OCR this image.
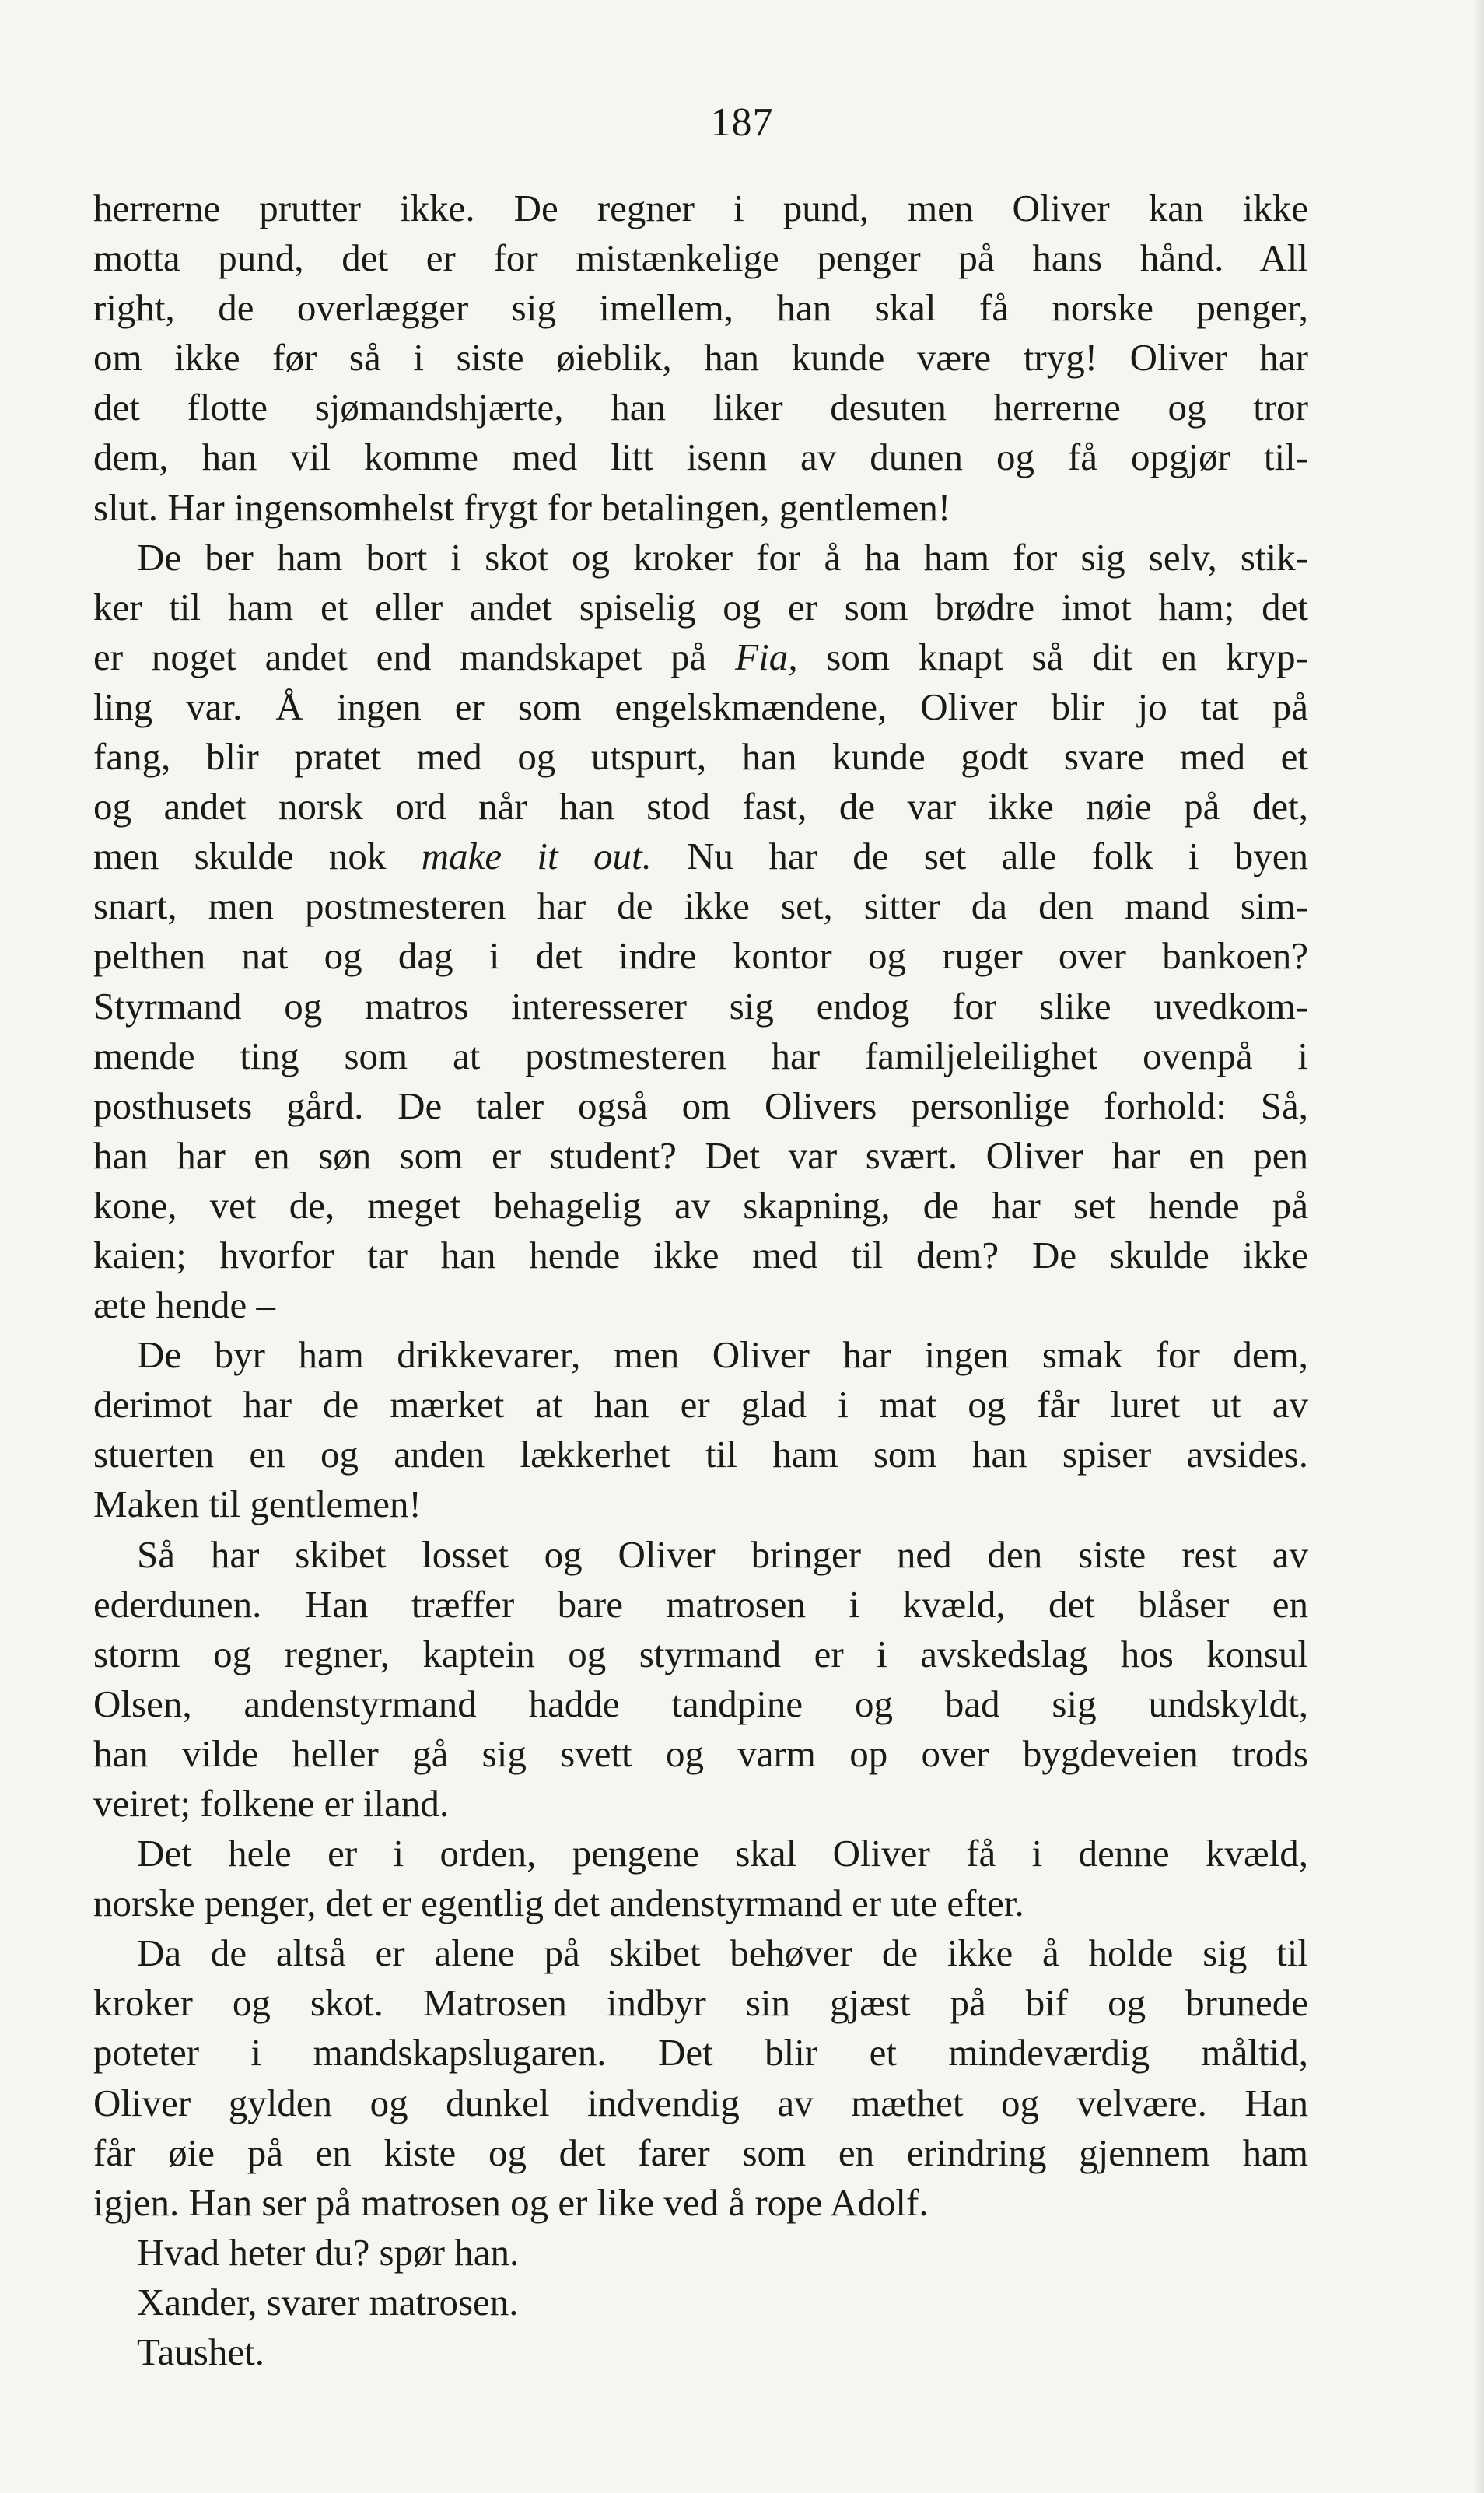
187
herrerne prutter ikke. De regner i pund, men Oliver kan ikke
motta pund, det er for mistænkelige penger på hans hånd. All
right, de overlægger sig imellem, han skal få norske penger,
om ikke før så i siste øieblik, han kunde være tryg! Oliver har
det flotte sjømandshjærte, han liker desuten herrerne og tror
dem, han vil komme med litt isenn av dunen og få opgjør til-
slut. Har ingensomhelst frygt for betalingen, gentlemen!
De ber ham bort i skot og kroker for å ha ham for sig selv, stik-
ker til ham et eller andet spiselig og er som brødre imot ham; det
er noget andet end mandskapet på Fia, som knapt så dit en kryp-
ling var. Å ingen er som engelskmændene, Oliver blir jo tat på
fang, blir pratet med og utspurt, han kunde godt svare med et
og andet norsk ord når han stod fast, de var ikke nøie på det,
men skulde nok make it out. Nu har de set alle folk i byen
snart, men postmesteren har de ikke set, sitter da den mand sim-
pelthen nat og dag i det indre kontor og ruger over bankoen?
Styrmand og matros interesserer sig endog for slike uvedkom-
mende ting som at postmesteren har familjeleilighet ovenpå i
posthusets gård. De taler også om Olivers personlige forhold: Så,
han har en søn som er student? Det var svært. Oliver har en pen
kone, vet de, meget behagelig av skapning, de har set hende på
kaien; hvorfor tar han hende ikke med til dem? De skulde ikke
æte hende –
De byr ham drikkevarer, men Oliver har ingen smak for dem,
derimot har de mærket at han er glad i mat og får luret ut av
stuerten en og anden lækkerhet til ham som han spiser avsides.
Maken til gentlemen!
Så har skibet losset og Oliver bringer ned den siste rest av
ederdunen. Han træffer bare matrosen i kvæld, det blåser en
storm og regner, kaptein og styrmand er i avskedslag hos konsul
Olsen, andenstyrmand hadde tandpine og bad sig undskyldt,
han vilde heller gå sig svett og varm op over bygdeveien trods
veiret; folkene er iland.
Det hele er i orden, pengene skal Oliver få i denne kvæld,
norske penger, det er egentlig det andenstyrmand er ute efter.
Da de altså er alene på skibet behøver de ikke å holde sig til
kroker og skot. Matrosen indbyr sin gjæst på bif og brunede
poteter i mandskapslugaren. Det blir et mindeværdig måltid,
Oliver gylden og dunkel indvendig av mæthet og velvære. Han
får øie på en kiste og det farer som en erindring gjennem ham
igjen. Han ser på matrosen og er like ved å rope Adolf.
Hvad heter du? spør han.
Xander, svarer matrosen.
Taushet.
